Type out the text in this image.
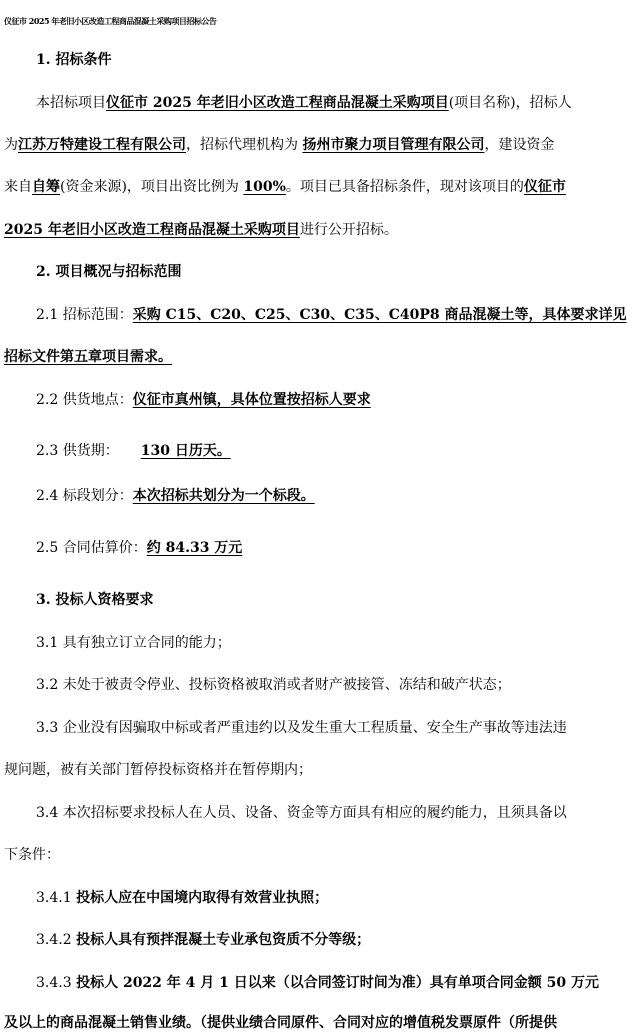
仪征市 2025 年老旧小区改造工程商品混凝土采购项目招标公告
1. 招标条件
本招标项目仪征市 2025 年老旧小区改造工程商品混凝土采购项目(项目名称)，招标人
为江苏万特建设工程有限公司，招标代理机构为 扬州市聚力项目管理有限公司，建设资金
来自自筹(资金来源)，项目出资比例为 100%。项目已具备招标条件，现对该项目的仪征市
2025 年老旧小区改造工程商品混凝土采购项目进行公开招标。
2. 项目概况与招标范围
2.1 招标范围：采购 C15、C20、C25、C30、C35、C40P8 商品混凝土等，具体要求详见
招标文件第五章项目需求。
2.2 供货地点：仪征市真州镇，具体位置按招标人要求
2.3 供货期： 130 日历天。
2.4 标段划分：本次招标共划分为一个标段。
2.5 合同估算价：约 84.33 万元
3. 投标人资格要求
3.1 具有独立订立合同的能力；
3.2 未处于被责令停业、投标资格被取消或者财产被接管、冻结和破产状态；
3.3 企业没有因骗取中标或者严重违约以及发生重大工程质量、安全生产事故等违法违
规问题，被有关部门暂停投标资格并在暂停期内；
3.4 本次招标要求投标人在人员、设备、资金等方面具有相应的履约能力，且须具备以
下条件：
3.4.1 投标人应在中国境内取得有效营业执照；
3.4.2 投标人具有预拌混凝土专业承包资质不分等级；
3.4.3 投标人 2022 年 4 月 1 日以来（以合同签订时间为准）具有单项合同金额 50 万元
及以上的商品混凝土销售业绩。（提供业绩合同原件、合同对应的增值税发票原件（所提供
